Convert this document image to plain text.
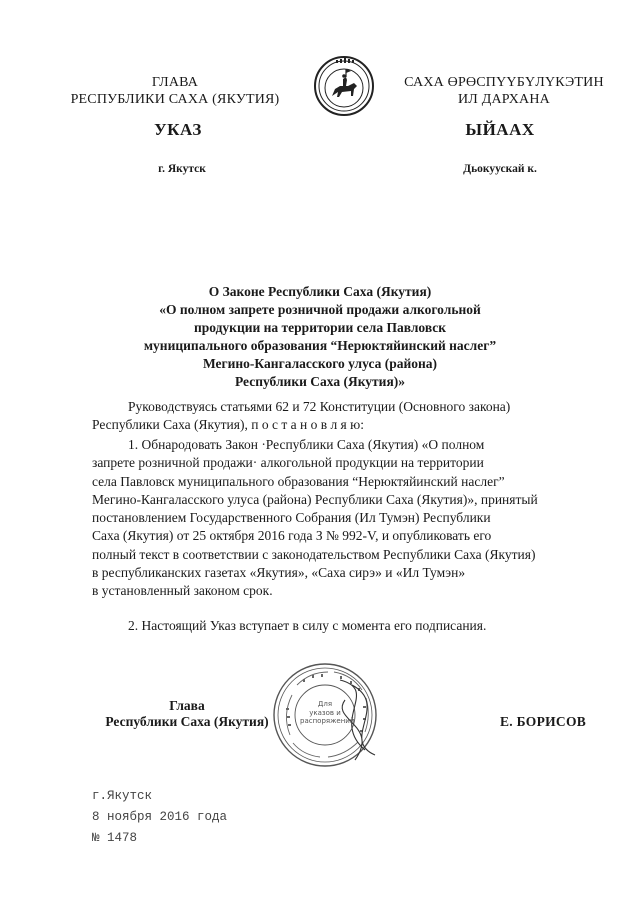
ГЛАВА
РЕСПУБЛИКИ САХА (ЯКУТИЯ)
САХА ӨРӨСПҮҮБҮЛҮКЭТИН
ИЛ ДАРХАНА
УКАЗ	ЫЙААХ
г. Якутск	Дьокуускай к.
О Законе Республики Саха (Якутия)
«О полном запрете розничной продажи алкогольной
продукции на территории села Павловск
муниципального образования “Нерюктяйинский наслег”
Мегино-Кангаласского улуса (района)
Республики Саха (Якутия)»
Руководствуясь статьями 62 и 72 Конституции (Основного закона)
Республики Саха (Якутия), п о с т а н о в л я ю:
1. Обнародовать Закон ·Республики Саха (Якутия) «О полном
запрете розничной продажи· алкогольной продукции на территории
села Павловск муниципального образования “Нерюктяйинский наслег”
Мегино-Кангаласского улуса (района) Республики Саха (Якутия)», принятый
постановлением Государственного Собрания (Ил Тумэн) Республики
Саха (Якутия) от 25 октября 2016 года З № 992-V, и опубликовать его
полный текст в соответствии с законодательством Республики Саха (Якутия)
в республиканских газетах «Якутия», «Саха сирэ» и «Ил Тумэн»
в установленный законом срок.
2. Настоящий Указ вступает в силу с момента его подписания.
Глава
Республики Саха (Якутия)	Е. БОРИСОВ
Для
указов и
распоряжений
г.Якутск
8 ноября 2016 года
№ 1478
